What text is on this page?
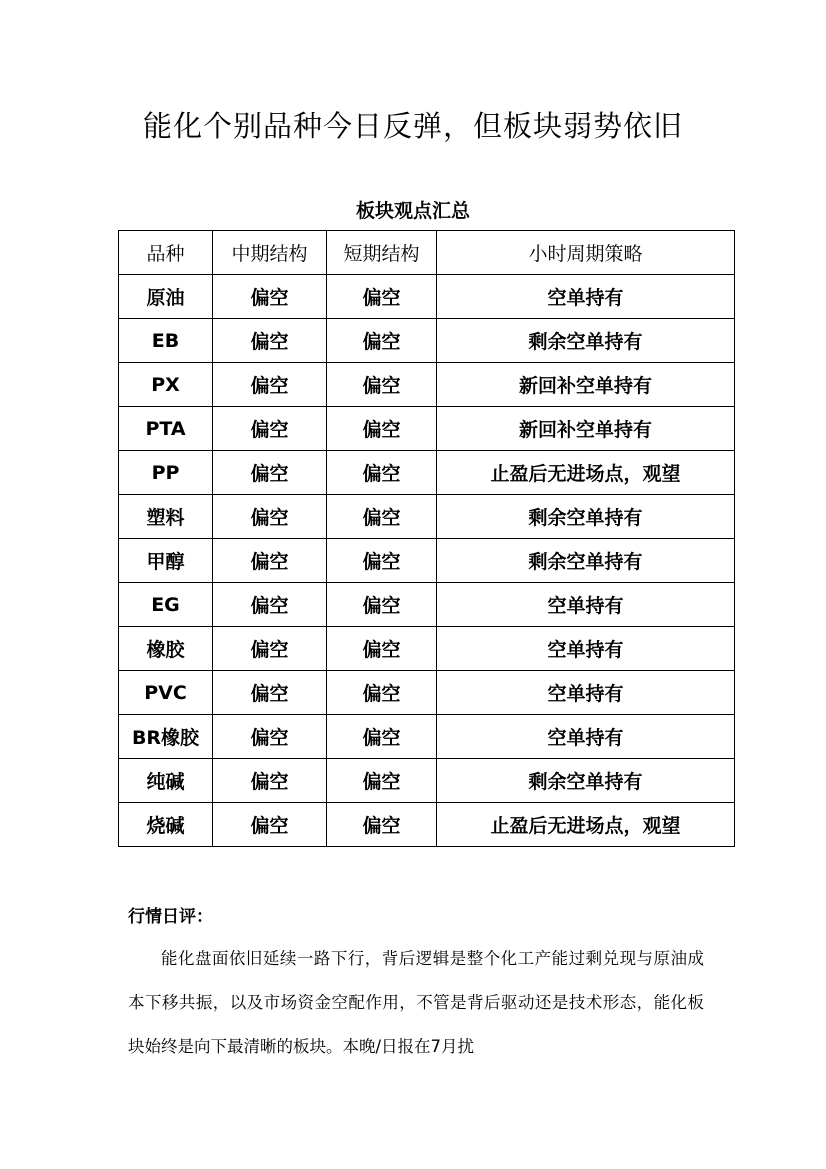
能化个别品种今日反弹，但板块弱势依旧
板块观点汇总
品种	中期结构	短期结构	小时周期策略
原油	偏空	偏空	空单持有
EB	偏空	偏空	剩余空单持有
PX	偏空	偏空	新回补空单持有
PTA	偏空	偏空	新回补空单持有
PP	偏空	偏空	止盈后无进场点，观望
塑料	偏空	偏空	剩余空单持有
甲醇	偏空	偏空	剩余空单持有
EG	偏空	偏空	空单持有
橡胶	偏空	偏空	空单持有
PVC	偏空	偏空	空单持有
BR橡胶	偏空	偏空	空单持有
纯碱	偏空	偏空	剩余空单持有
烧碱	偏空	偏空	止盈后无进场点，观望
行情日评：
能化盘面依旧延续一路下行，背后逻辑是整个化工产能过剩兑现与原油成本下移共振，以及市场资金空配作用，不管是背后驱动还是技术形态，能化板块始终是向下最清晰的板块。本晚/日报在7月扰
